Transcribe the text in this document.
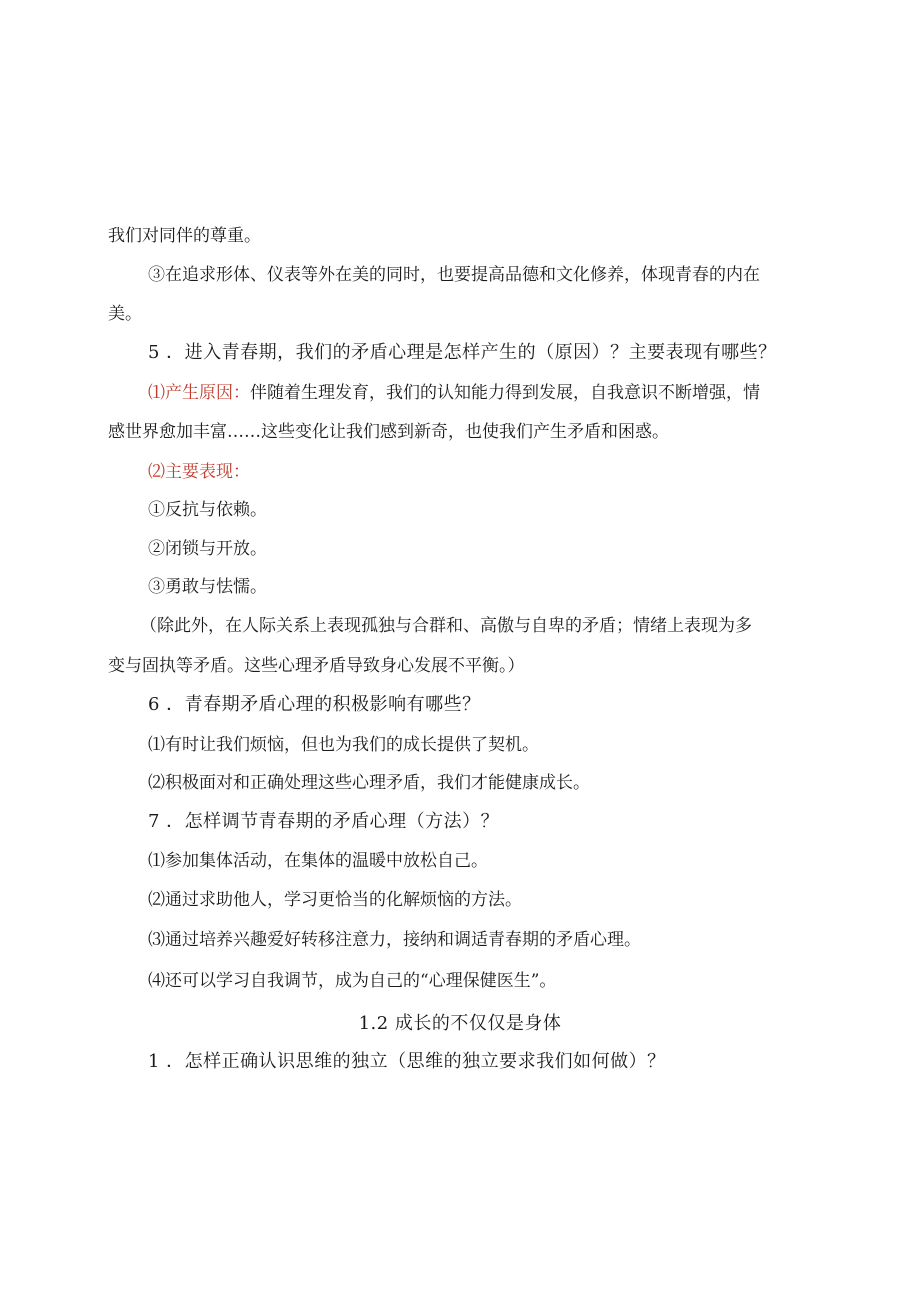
我们对同伴的尊重。
③在追求形体、仪表等外在美的同时，也要提高品德和文化修养，体现青春的内在
美。
5 ．进入青春期，我们的矛盾心理是怎样产生的（原因）？主要表现有哪些？
⑴产生原因：伴随着生理发育，我们的认知能力得到发展，自我意识不断增强，情
感世界愈加丰富……这些变化让我们感到新奇，也使我们产生矛盾和困惑。
⑵主要表现：
①反抗与依赖。
②闭锁与开放。
③勇敢与怯懦。
（除此外，在人际关系上表现孤独与合群和、高傲与自卑的矛盾；情绪上表现为多
变与固执等矛盾。这些心理矛盾导致身心发展不平衡。）
6 ．青春期矛盾心理的积极影响有哪些？
⑴有时让我们烦恼，但也为我们的成长提供了契机。
⑵积极面对和正确处理这些心理矛盾，我们才能健康成长。
7 ．怎样调节青春期的矛盾心理（方法）？
⑴参加集体活动，在集体的温暖中放松自己。
⑵通过求助他人，学习更恰当的化解烦恼的方法。
⑶通过培养兴趣爱好转移注意力，接纳和调适青春期的矛盾心理。
⑷还可以学习自我调节，成为自己的“心理保健医生”。
1.2 成长的不仅仅是身体
1 ．怎样正确认识思维的独立（思维的独立要求我们如何做）？
